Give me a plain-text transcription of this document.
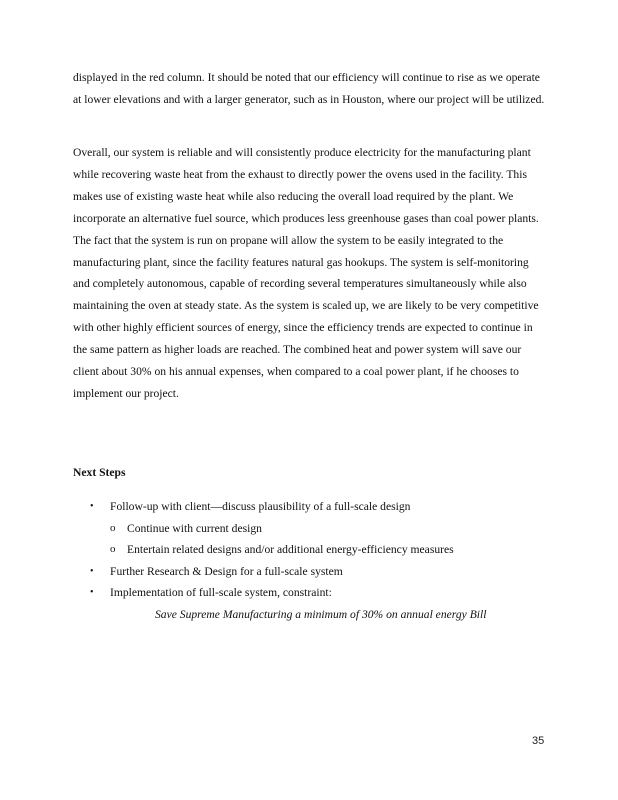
displayed in the red column. It should be noted that our efficiency will continue to rise as we operate at lower elevations and with a larger generator, such as in Houston, where our project will be utilized.

Overall, our system is reliable and will consistently produce electricity for the manufacturing plant while recovering waste heat from the exhaust to directly power the ovens used in the facility. This makes use of existing waste heat while also reducing the overall load required by the plant. We incorporate an alternative fuel source, which produces less greenhouse gases than coal power plants. The fact that the system is run on propane will allow the system to be easily integrated to the manufacturing plant, since the facility features natural gas hookups. The system is self-monitoring and completely autonomous, capable of recording several temperatures simultaneously while also maintaining the oven at steady state. As the system is scaled up, we are likely to be very competitive with other highly efficient sources of energy, since the efficiency trends are expected to continue in the same pattern as higher loads are reached. The combined heat and power system will save our client about 30% on his annual expenses, when compared to a coal power plant, if he chooses to implement our project.

Next Steps
• Follow-up with client—discuss plausibility of a full-scale design
o Continue with current design
o Entertain related designs and/or additional energy-efficiency measures
• Further Research & Design for a full-scale system
• Implementation of full-scale system, constraint:
Save Supreme Manufacturing a minimum of 30% on annual energy Bill
35
